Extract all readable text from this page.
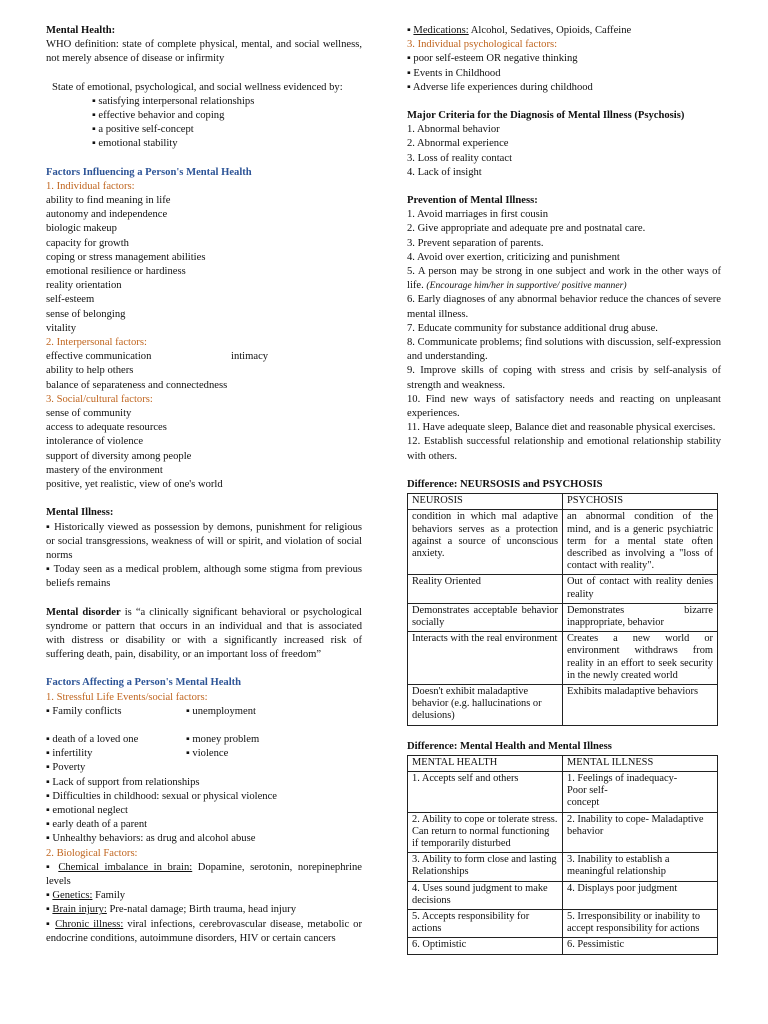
Mental Health:

WHO definition: state of complete physical, mental, and social wellness, not merely absence of disease or infirmity

State of emotional, psychological, and social wellness evidenced by:

▪ satisfying interpersonal relationships

▪ effective behavior and coping

▪ a positive self-concept

▪ emotional stability

Factors Influencing a Person's Mental Health

1. Individual factors:

ability to find meaning in life

autonomy and independence

biologic makeup

capacity for growth

coping or stress management abilities

emotional resilience or hardiness

reality orientation

self-esteem

sense of belonging

vitality

2. Interpersonal factors:

effective communication	intimacy

ability to help others

balance of separateness and connectedness

3. Social/cultural factors:

sense of community

access to adequate resources

intolerance of violence

support of diversity among people

mastery of the environment

positive, yet realistic, view of one's world

Mental Illness:

▪ Historically viewed as possession by demons, punishment for religious or social transgressions, weakness of will or spirit, and violation of social norms

▪ Today seen as a medical problem, although some stigma from previous beliefs remains

Mental disorder is “a clinically significant behavioral or psychological syndrome or pattern that occurs in an individual and that is associated with distress or disability or with a significantly increased risk of suffering death, pain, disability, or an important loss of freedom”

Factors Affecting a Person's Mental Health

1. Stressful Life Events/social factors:

▪ Family conflicts	▪ unemployment

▪ death of a loved one	▪ money problem

▪ infertility	▪ violence

▪ Poverty

▪ Lack of support from relationships

▪ Difficulties in childhood: sexual or physical violence

▪ emotional neglect

▪ early death of a parent

▪ Unhealthy behaviors: as drug and alcohol abuse

2. Biological Factors:

▪ Chemical imbalance in brain: Dopamine, serotonin, norepinephrine levels

▪ Genetics: Family

▪ Brain injury: Pre-natal damage; Birth trauma, head injury

▪ Chronic illness: viral infections, cerebrovascular disease, metabolic or endocrine conditions, autoimmune disorders, HIV or certain cancers

▪ Medications: Alcohol, Sedatives, Opioids, Caffeine

3. Individual psychological factors:

▪ poor self-esteem OR negative thinking

▪ Events in Childhood

▪ Adverse life experiences during childhood

Major Criteria for the Diagnosis of Mental Illness (Psychosis)

1. Abnormal behavior

2. Abnormal experience

3. Loss of reality contact

4. Lack of insight

Prevention of Mental Illness:

1. Avoid marriages in first cousin

2. Give appropriate and adequate pre and postnatal care.

3. Prevent separation of parents.

4. Avoid over exertion, criticizing and punishment

5. A person may be strong in one subject and work in the other ways of life. (Encourage him/her in supportive/ positive manner)

6. Early diagnoses of any abnormal behavior reduce the chances of severe mental illness.

7. Educate community for substance additional drug abuse.

8. Communicate problems; find solutions with discussion, self-expression and understanding.

9. Improve skills of coping with stress and crisis by self-analysis of strength and weakness.

10. Find new ways of satisfactory needs and reacting on unpleasant experiences.

11. Have adequate sleep, Balance diet and reasonable physical exercises.

12. Establish successful relationship and emotional relationship stability with others.

Difference: NEURSOSIS and PSYCHOSIS

NEUROSIS	PSYCHOSIS
condition in which mal adaptive behaviors serves as a protection against a source of unconscious anxiety.	an abnormal condition of the mind, and is a generic psychiatric term for a mental state often described as involving a "loss of contact with reality".
Reality Oriented	Out of contact with reality denies reality
Demonstrates acceptable behavior socially	Demonstrates bizarre inappropriate, behavior
Interacts with the real environment	Creates a new world or environment withdraws from reality in an effort to seek security in the newly created world
Doesn't exhibit maladaptive behavior (e.g. hallucinations or delusions)	Exhibits maladaptive behaviors

Difference: Mental Health and Mental Illness

MENTAL HEALTH	MENTAL ILLNESS
1. Accepts self and others	1. Feelings of inadequacy-
Poor self-
concept

2. Ability to cope or tolerate stress. Can return to normal functioning if temporarily disturbed	2. Inability to cope- Maladaptive behavior
3. Ability to form close and lasting Relationships	3. Inability to establish a meaningful relationship
4. Uses sound judgment to make decisions	4. Displays poor judgment
5. Accepts responsibility for actions	5. Irresponsibility or inability to accept responsibility for actions
6. Optimistic	6. Pessimistic
